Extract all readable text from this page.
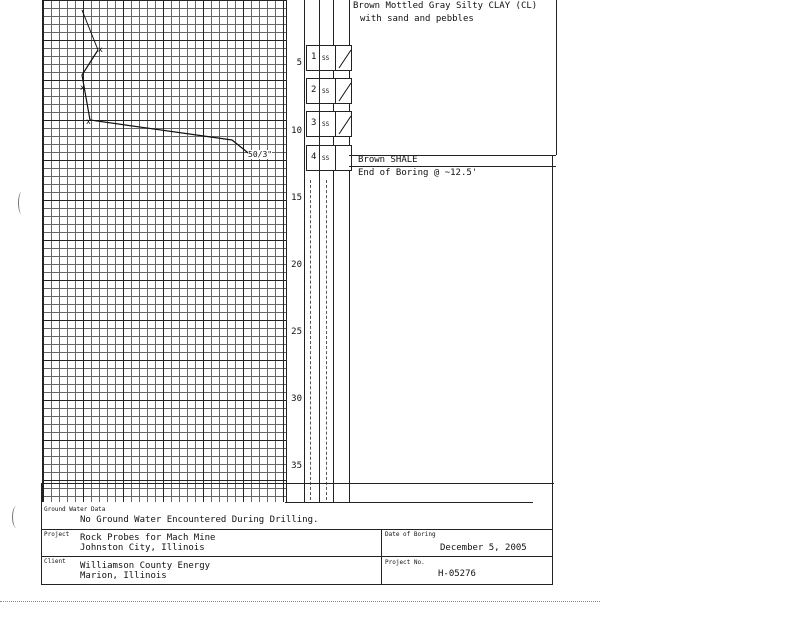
x
x
x
50/3"
5
10
15
20
25
30
35
1 SS
2 SS
3 SS
4 SS
Brown Mottled Gray Silty CLAY (CL)
with sand and pebbles
Brown SHALE
End of Boring @ ~12.5'
Ground Water Data
No Ground Water Encountered During Drilling.
Project Rock Probes for Mach Mine
Johnston City, Illinois
Client Williamson County Energy
Marion, Illinois
Date of Boring
December 5, 2005
Project No.
H-05276
